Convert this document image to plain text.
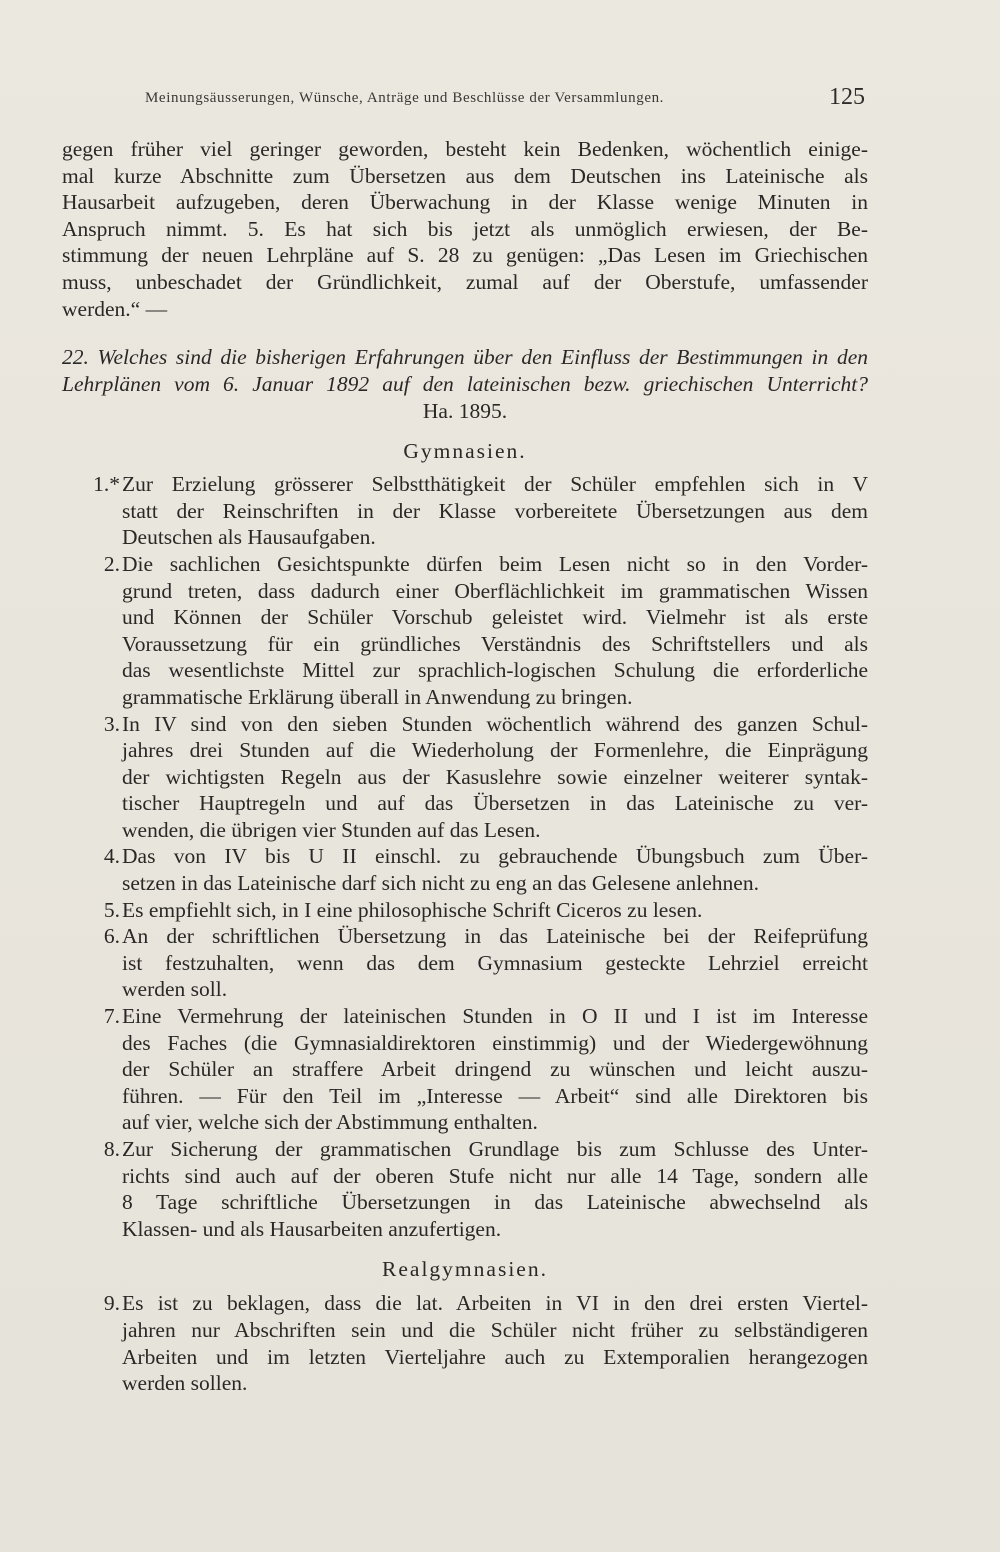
Meinungsäusserungen, Wünsche, Anträge und Beschlüsse der Versammlungen.	125

gegen früher viel geringer geworden, besteht kein Bedenken, wöchentlich einige-

mal kurze Abschnitte zum Übersetzen aus dem Deutschen ins Lateinische als

Hausarbeit aufzugeben, deren Überwachung in der Klasse wenige Minuten in

Anspruch nimmt. 5. Es hat sich bis jetzt als unmöglich erwiesen, der Be-

stimmung der neuen Lehrpläne auf S. 28 zu genügen: „Das Lesen im Griechischen

muss, unbeschadet der Gründlichkeit, zumal auf der Oberstufe, umfassender

werden.“ —

22. Welches sind die bisherigen Erfahrungen über den Einfluss der Bestimmungen in den

Lehrplänen vom 6. Januar 1892 auf den lateinischen bezw. griechischen Unterricht?

Ha. 1895.
Gymnasien.
1.* Zur Erzielung grösserer Selbstthätigkeit der Schüler empfehlen sich in V

statt der Reinschriften in der Klasse vorbereitete Übersetzungen aus dem

Deutschen als Hausaufgaben.

2. Die sachlichen Gesichtspunkte dürfen beim Lesen nicht so in den Vorder-

grund treten, dass dadurch einer Oberflächlichkeit im grammatischen Wissen

und Können der Schüler Vorschub geleistet wird. Vielmehr ist als erste

Voraussetzung für ein gründliches Verständnis des Schriftstellers und als

das wesentlichste Mittel zur sprachlich-logischen Schulung die erforderliche

grammatische Erklärung überall in Anwendung zu bringen.

3. In IV sind von den sieben Stunden wöchentlich während des ganzen Schul-

jahres drei Stunden auf die Wiederholung der Formenlehre, die Einprägung

der wichtigsten Regeln aus der Kasuslehre sowie einzelner weiterer syntak-

tischer Hauptregeln und auf das Übersetzen in das Lateinische zu ver-

wenden, die übrigen vier Stunden auf das Lesen.

4. Das von IV bis U II einschl. zu gebrauchende Übungsbuch zum Über-

setzen in das Lateinische darf sich nicht zu eng an das Gelesene anlehnen.

5. Es empfiehlt sich, in I eine philosophische Schrift Ciceros zu lesen.

6. An der schriftlichen Übersetzung in das Lateinische bei der Reifeprüfung

ist festzuhalten, wenn das dem Gymnasium gesteckte Lehrziel erreicht

werden soll.

7. Eine Vermehrung der lateinischen Stunden in O II und I ist im Interesse

des Faches (die Gymnasialdirektoren einstimmig) und der Wiedergewöhnung

der Schüler an straffere Arbeit dringend zu wünschen und leicht auszu-

führen. — Für den Teil im „Interesse — Arbeit“ sind alle Direktoren bis

auf vier, welche sich der Abstimmung enthalten.

8. Zur Sicherung der grammatischen Grundlage bis zum Schlusse des Unter-

richts sind auch auf der oberen Stufe nicht nur alle 14 Tage, sondern alle

8 Tage schriftliche Übersetzungen in das Lateinische abwechselnd als

Klassen- und als Hausarbeiten anzufertigen.

Realgymnasien.
9. Es ist zu beklagen, dass die lat. Arbeiten in VI in den drei ersten Viertel-

jahren nur Abschriften sein und die Schüler nicht früher zu selbständigeren

Arbeiten und im letzten Vierteljahre auch zu Extemporalien herangezogen

werden sollen.
